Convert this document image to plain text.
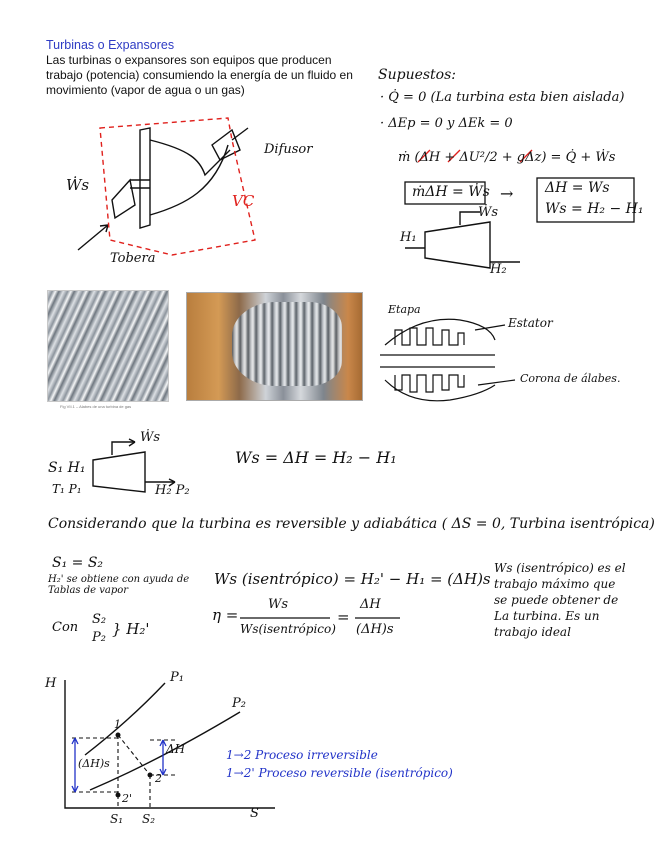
Turbinas o Expansores
Las turbinas o expansores son equipos que producen trabajo (potencia) consumiendo la energía de un fluido en movimiento (vapor de agua o un gas)
Ẇs
Difusor
VC
Tobera
Supuestos:
· Q̇ = 0 (La turbina esta bien aislada)
· ΔEp = 0 y ΔEk = 0
ṁ (ΔH + ΔU²/2 + gΔz) = Q̇ + Ẇs
ṁΔH = Ẇs → ΔH = Ws
Ws = H₂ − H₁
Ẇs
H₁
H₂
Fig VII.1 – Alabes de una turbina de gas
Etapa
Estator
Corona de álabes.
Ẇs
S₁ H₁
T₁ P₁	H₂ P₂
Ws = ΔH = H₂ − H₁
Considerando que la turbina es reversible y adiabática ( ΔS = 0, Turbina isentrópica)
S₁ = S₂
H₂' se obtiene con ayuda de Tablas de vapor
Con
S₂
P₂ } H₂'
Ws (isentrópico) = H₂' − H₁ = (ΔH)s
η =
Ws
Ws(isentrópico)
=
ΔH
(ΔH)s
Ws (isentrópico) es el
trabajo máximo que
se puede obtener de
La turbina. Es un
trabajo ideal
H
S
P₁
P₂
1
2
2'
ΔH
(ΔH)s
S₁ S₂
1→2 Proceso irreversible
1→2' Proceso reversible (isentrópico)
